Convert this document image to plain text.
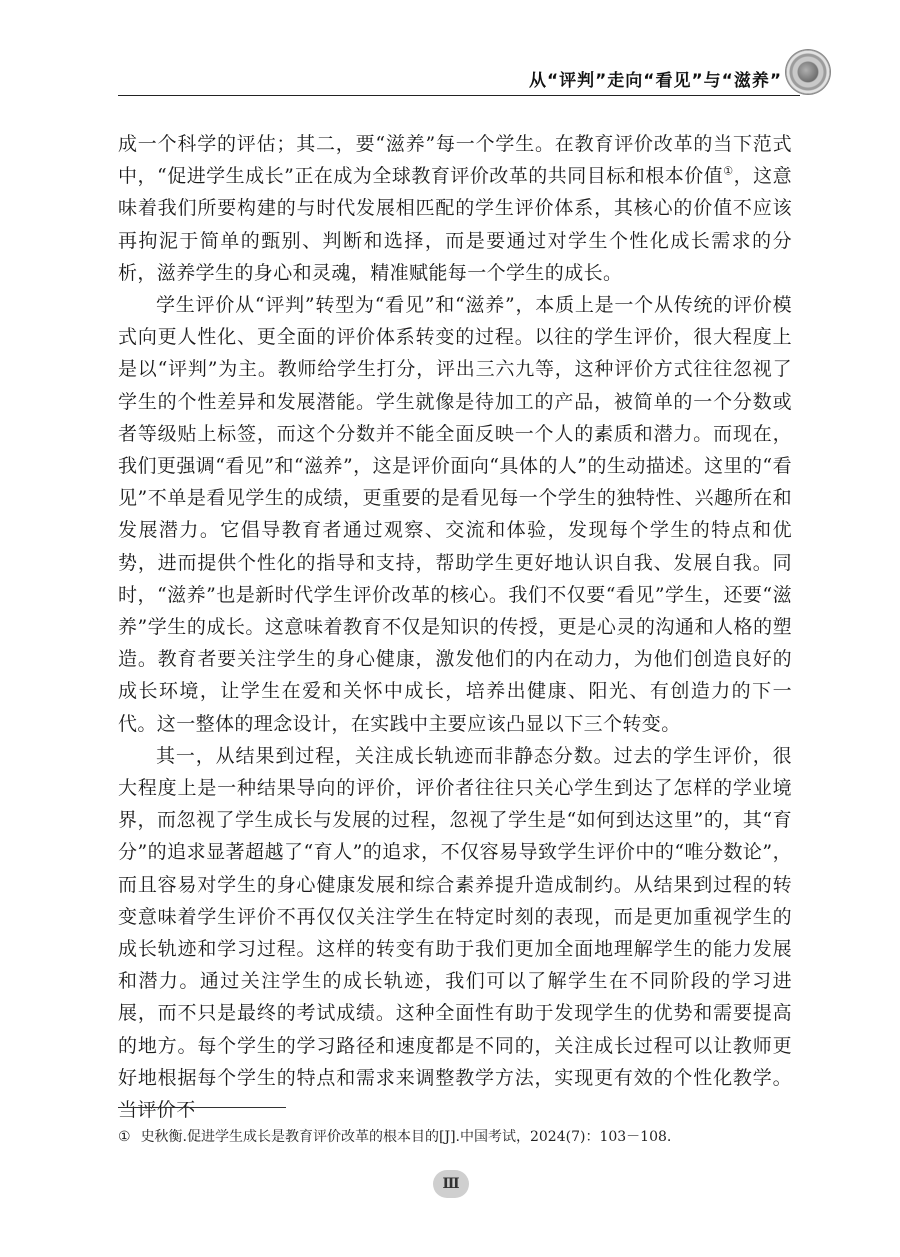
从“评判”走向“看见”与“滋养”

成一个科学的评估；其二，要“滋养”每一个学生。在教育评价改革的当下范式中，“促进学生成长”正在成为全球教育评价改革的共同目标和根本价值①，这意味着我们所要构建的与时代发展相匹配的学生评价体系，其核心的价值不应该再拘泥于简单的甄别、判断和选择，而是要通过对学生个性化成长需求的分析，滋养学生的身心和灵魂，精准赋能每一个学生的成长。

学生评价从“评判”转型为“看见”和“滋养”，本质上是一个从传统的评价模式向更人性化、更全面的评价体系转变的过程。以往的学生评价，很大程度上是以“评判”为主。教师给学生打分，评出三六九等，这种评价方式往往忽视了学生的个性差异和发展潜能。学生就像是待加工的产品，被简单的一个分数或者等级贴上标签，而这个分数并不能全面反映一个人的素质和潜力。而现在，我们更强调“看见”和“滋养”，这是评价面向“具体的人”的生动描述。这里的“看见”不单是看见学生的成绩，更重要的是看见每一个学生的独特性、兴趣所在和发展潜力。它倡导教育者通过观察、交流和体验，发现每个学生的特点和优势，进而提供个性化的指导和支持，帮助学生更好地认识自我、发展自我。同时，“滋养”也是新时代学生评价改革的核心。我们不仅要“看见”学生，还要“滋养”学生的成长。这意味着教育不仅是知识的传授，更是心灵的沟通和人格的塑造。教育者要关注学生的身心健康，激发他们的内在动力，为他们创造良好的成长环境，让学生在爱和关怀中成长，培养出健康、阳光、有创造力的下一代。这一整体的理念设计，在实践中主要应该凸显以下三个转变。

其一，从结果到过程，关注成长轨迹而非静态分数。过去的学生评价，很大程度上是一种结果导向的评价，评价者往往只关心学生到达了怎样的学业境界，而忽视了学生成长与发展的过程，忽视了学生是“如何到达这里”的，其“育分”的追求显著超越了“育人”的追求，不仅容易导致学生评价中的“唯分数论”，而且容易对学生的身心健康发展和综合素养提升造成制约。从结果到过程的转变意味着学生评价不再仅仅关注学生在特定时刻的表现，而是更加重视学生的成长轨迹和学习过程。这样的转变有助于我们更加全面地理解学生的能力发展和潜力。通过关注学生的成长轨迹，我们可以了解学生在不同阶段的学习进展，而不只是最终的考试成绩。这种全面性有助于发现学生的优势和需要提高的地方。每个学生的学习路径和速度都是不同的，关注成长过程可以让教师更好地根据每个学生的特点和需求来调整教学方法，实现更有效的个性化教学。当评价不

① 史秋衡.促进学生成长是教育评价改革的根本目的[J].中国考试，2024(7)：103－108.
Ⅲ
